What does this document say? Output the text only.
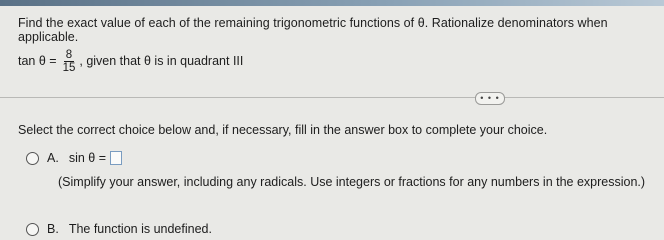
Find the exact value of each of the remaining trigonometric functions of θ. Rationalize denominators when applicable.
$\tan \theta = \frac{8}{15}$ , given that θ is in quadrant III
• • •
Select the correct choice below and, if necessary, fill in the answer box to complete your choice.
A. sin θ =
(Simplify your answer, including any radicals. Use integers or fractions for any numbers in the expression.)
B. The function is undefined.
